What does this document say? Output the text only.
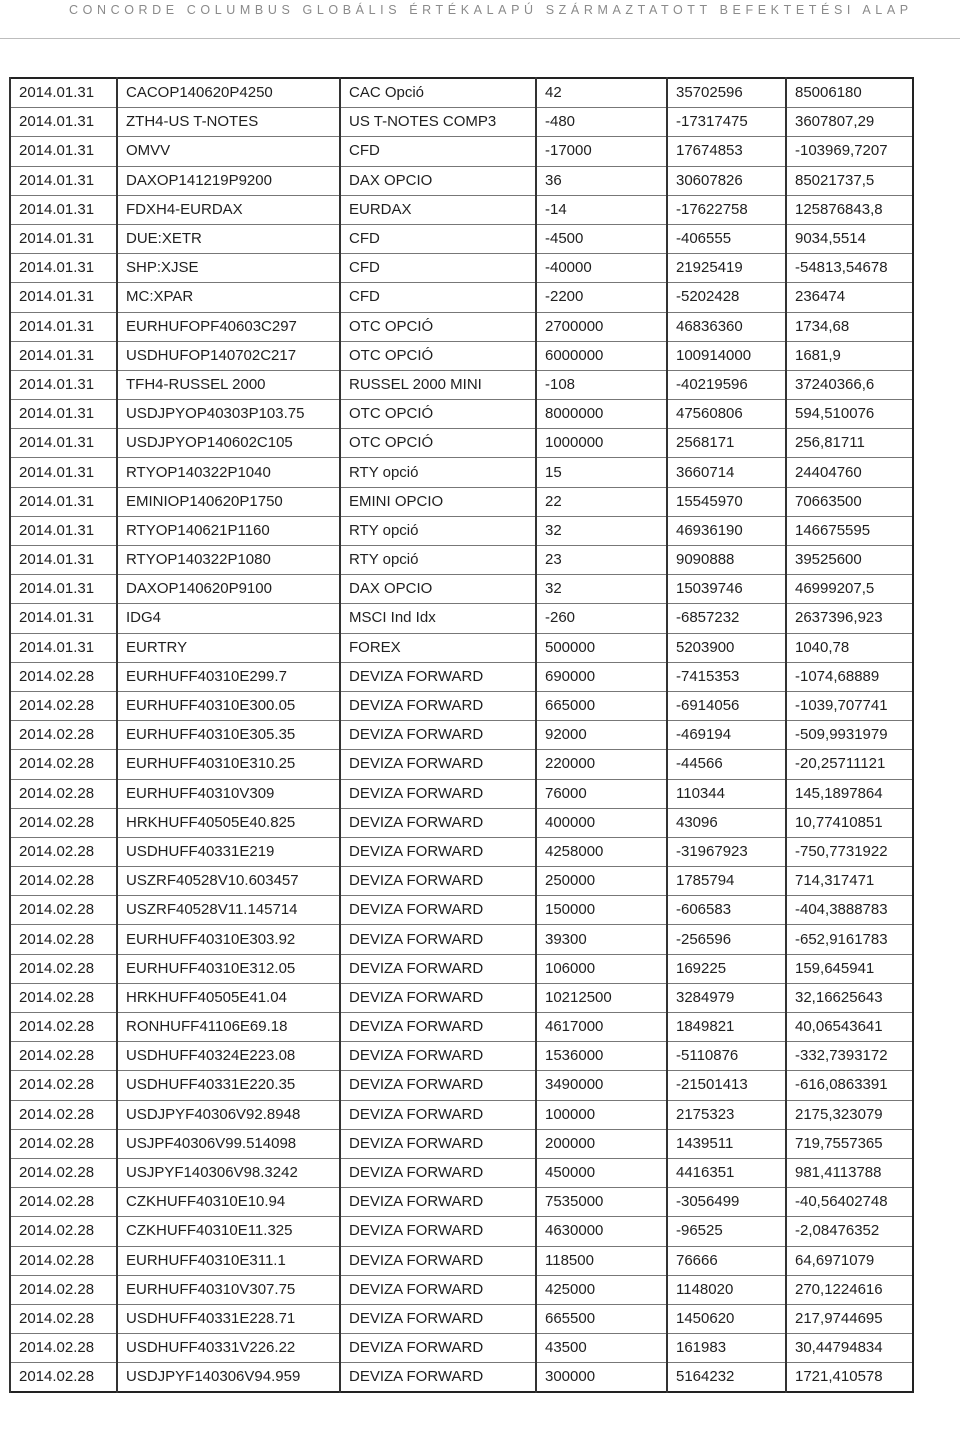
CONCORDE COLUMBUS GLOBÁLIS ÉRTÉKALAPÚ SZÁRMAZTATOTT BEFEKTETÉSI ALAP
2014.01.31	CACOP140620P4250	CAC Opció	42	35702596	85006180
2014.01.31	ZTH4-US T-NOTES	US T-NOTES COMP3	-480	-17317475	3607807,29
2014.01.31	OMVV	CFD	-17000	17674853	-103969,7207
2014.01.31	DAXOP141219P9200	DAX OPCIO	36	30607826	85021737,5
2014.01.31	FDXH4-EURDAX	EURDAX	-14	-17622758	125876843,8
2014.01.31	DUE:XETR	CFD	-4500	-406555	9034,5514
2014.01.31	SHP:XJSE	CFD	-40000	21925419	-54813,54678
2014.01.31	MC:XPAR	CFD	-2200	-5202428	236474
2014.01.31	EURHUFOPF40603C297	OTC OPCIÓ	2700000	46836360	1734,68
2014.01.31	USDHUFOP140702C217	OTC OPCIÓ	6000000	100914000	1681,9
2014.01.31	TFH4-RUSSEL 2000	RUSSEL 2000 MINI	-108	-40219596	37240366,6
2014.01.31	USDJPYOP40303P103.75	OTC OPCIÓ	8000000	47560806	594,510076
2014.01.31	USDJPYOP140602C105	OTC OPCIÓ	1000000	2568171	256,81711
2014.01.31	RTYOP140322P1040	RTY opció	15	3660714	24404760
2014.01.31	EMINIOP140620P1750	EMINI OPCIO	22	15545970	70663500
2014.01.31	RTYOP140621P1160	RTY opció	32	46936190	146675595
2014.01.31	RTYOP140322P1080	RTY opció	23	9090888	39525600
2014.01.31	DAXOP140620P9100	DAX OPCIO	32	15039746	46999207,5
2014.01.31	IDG4	MSCI Ind Idx	-260	-6857232	2637396,923
2014.01.31	EURTRY	FOREX	500000	5203900	1040,78
2014.02.28	EURHUFF40310E299.7	DEVIZA FORWARD	690000	-7415353	-1074,68889
2014.02.28	EURHUFF40310E300.05	DEVIZA FORWARD	665000	-6914056	-1039,707741
2014.02.28	EURHUFF40310E305.35	DEVIZA FORWARD	92000	-469194	-509,9931979
2014.02.28	EURHUFF40310E310.25	DEVIZA FORWARD	220000	-44566	-20,25711121
2014.02.28	EURHUFF40310V309	DEVIZA FORWARD	76000	110344	145,1897864
2014.02.28	HRKHUFF40505E40.825	DEVIZA FORWARD	400000	43096	10,77410851
2014.02.28	USDHUFF40331E219	DEVIZA FORWARD	4258000	-31967923	-750,7731922
2014.02.28	USZRF40528V10.603457	DEVIZA FORWARD	250000	1785794	714,317471
2014.02.28	USZRF40528V11.145714	DEVIZA FORWARD	150000	-606583	-404,3888783
2014.02.28	EURHUFF40310E303.92	DEVIZA FORWARD	39300	-256596	-652,9161783
2014.02.28	EURHUFF40310E312.05	DEVIZA FORWARD	106000	169225	159,645941
2014.02.28	HRKHUFF40505E41.04	DEVIZA FORWARD	10212500	3284979	32,16625643
2014.02.28	RONHUFF41106E69.18	DEVIZA FORWARD	4617000	1849821	40,06543641
2014.02.28	USDHUFF40324E223.08	DEVIZA FORWARD	1536000	-5110876	-332,7393172
2014.02.28	USDHUFF40331E220.35	DEVIZA FORWARD	3490000	-21501413	-616,0863391
2014.02.28	USDJPYF40306V92.8948	DEVIZA FORWARD	100000	2175323	2175,323079
2014.02.28	USJPF40306V99.514098	DEVIZA FORWARD	200000	1439511	719,7557365
2014.02.28	USJPYF140306V98.3242	DEVIZA FORWARD	450000	4416351	981,4113788
2014.02.28	CZKHUFF40310E10.94	DEVIZA FORWARD	7535000	-3056499	-40,56402748
2014.02.28	CZKHUFF40310E11.325	DEVIZA FORWARD	4630000	-96525	-2,08476352
2014.02.28	EURHUFF40310E311.1	DEVIZA FORWARD	118500	76666	64,6971079
2014.02.28	EURHUFF40310V307.75	DEVIZA FORWARD	425000	1148020	270,1224616
2014.02.28	USDHUFF40331E228.71	DEVIZA FORWARD	665500	1450620	217,9744695
2014.02.28	USDHUFF40331V226.22	DEVIZA FORWARD	43500	161983	30,44794834
2014.02.28	USDJPYF140306V94.959	DEVIZA FORWARD	300000	5164232	1721,410578
